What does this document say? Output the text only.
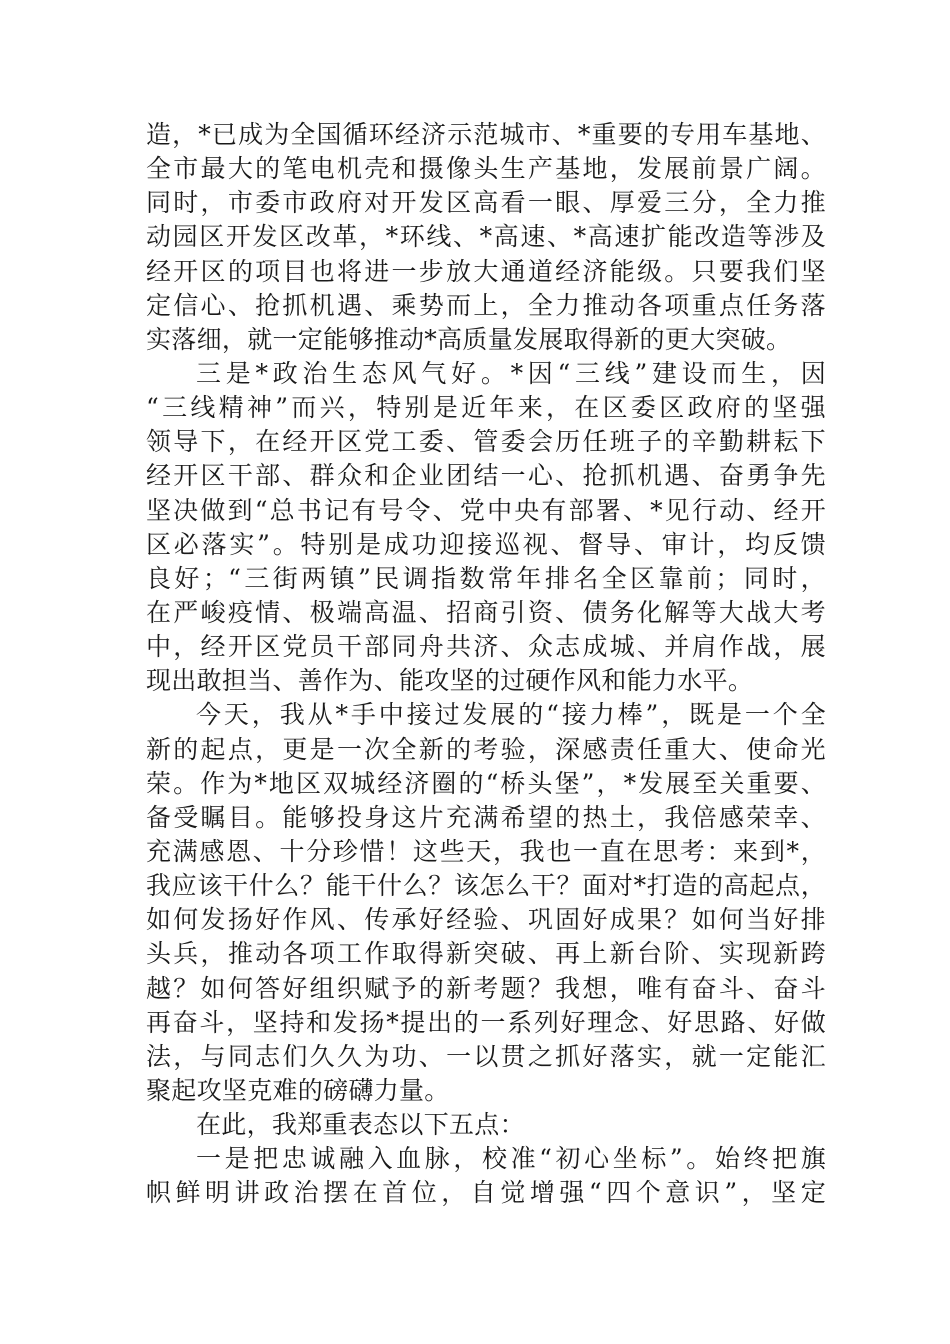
造，*已成为全国循环经济示范城市、*重要的专用车基地、
全市最大的笔电机壳和摄像头生产基地，发展前景广阔。
同时，市委市政府对开发区高看一眼、厚爱三分，全力推
动园区开发区改革，*环线、*高速、*高速扩能改造等涉及
经开区的项目也将进一步放大通道经济能级。只要我们坚
定信心、抢抓机遇、乘势而上，全力推动各项重点任务落
实落细，就一定能够推动*高质量发展取得新的更大突破。
三是*政治生态风气好。*因“三线”建设而生，因
“三线精神”而兴，特别是近年来，在区委区政府的坚强
领导下，在经开区党工委、管委会历任班子的辛勤耕耘下
经开区干部、群众和企业团结一心、抢抓机遇、奋勇争先
坚决做到“总书记有号令、党中央有部署、*见行动、经开
区必落实”。特别是成功迎接巡视、督导、审计，均反馈
良好；“三街两镇”民调指数常年排名全区靠前；同时，
在严峻疫情、极端高温、招商引资、债务化解等大战大考
中，经开区党员干部同舟共济、众志成城、并肩作战，展
现出敢担当、善作为、能攻坚的过硬作风和能力水平。
今天，我从*手中接过发展的“接力棒”，既是一个全
新的起点，更是一次全新的考验，深感责任重大、使命光
荣。作为*地区双城经济圈的“桥头堡”，*发展至关重要、
备受瞩目。能够投身这片充满希望的热土，我倍感荣幸、
充满感恩、十分珍惜！这些天，我也一直在思考：来到*，
我应该干什么？能干什么？该怎么干？面对*打造的高起点，
如何发扬好作风、传承好经验、巩固好成果？如何当好排
头兵，推动各项工作取得新突破、再上新台阶、实现新跨
越？如何答好组织赋予的新考题？我想，唯有奋斗、奋斗
再奋斗，坚持和发扬*提出的一系列好理念、好思路、好做
法，与同志们久久为功、一以贯之抓好落实，就一定能汇
聚起攻坚克难的磅礴力量。
在此，我郑重表态以下五点：
一是把忠诚融入血脉，校准“初心坐标”。始终把旗
帜鲜明讲政治摆在首位，自觉增强“四个意识”，坚定
